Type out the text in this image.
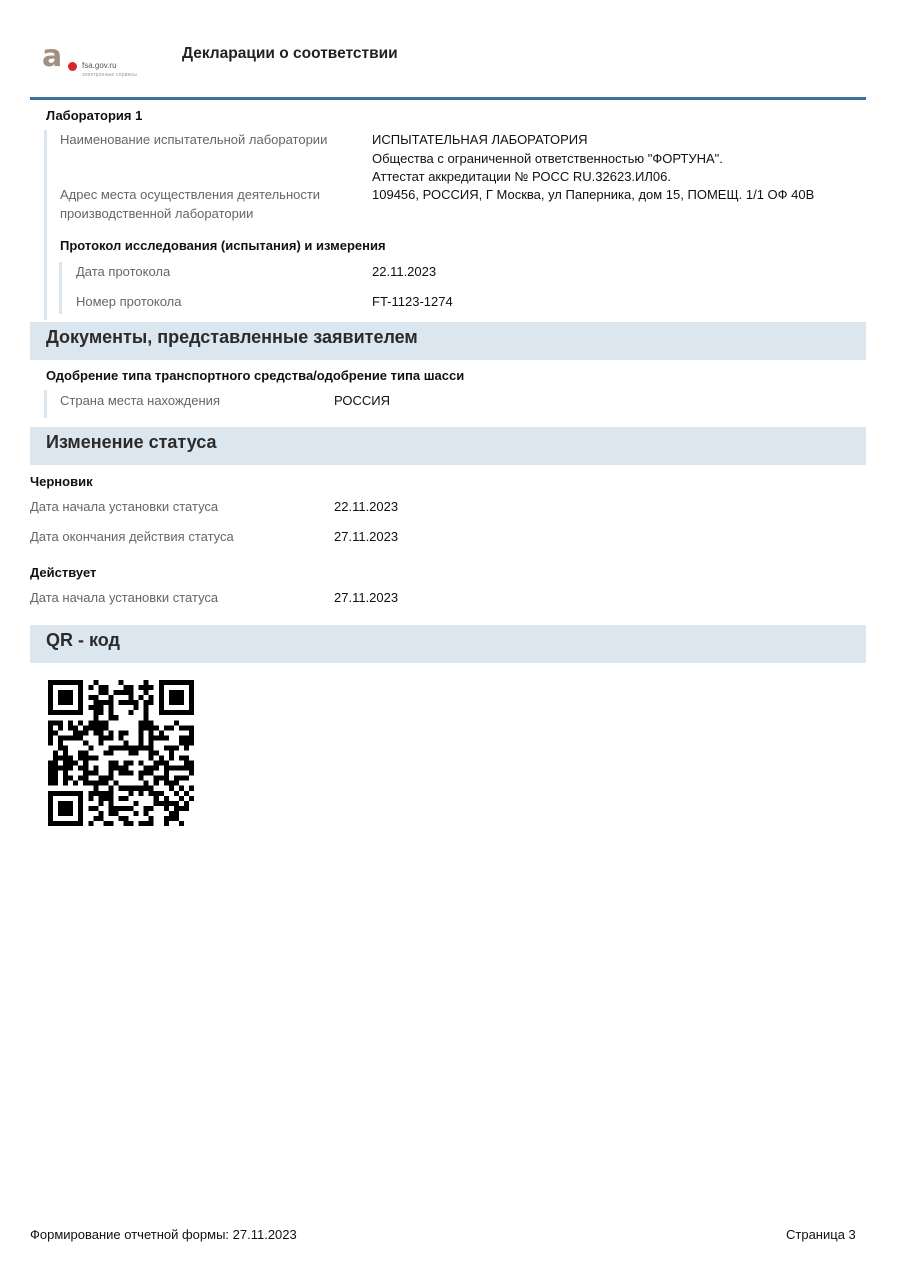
а fsa.gov.ru
электронные сервисы
Декларации о соответствии
Лаборатория 1
Наименование испытательной лаборатории	ИСПЫТАТЕЛЬНАЯ ЛАБОРАТОРИЯ
Общества с ограниченной ответственностью "ФОРТУНА".
Аттестат аккредитации № РОСС RU.32623.ИЛ06.
Адрес места осуществления деятельности
производственной лаборатории
109456, РОССИЯ, Г Москва, ул Паперника, дом 15, ПОМЕЩ. 1/1 ОФ 40В
Протокол исследования (испытания) и измерения
Дата протокола	22.11.2023
Номер протокола	FT-1123-1274
Документы, представленные заявителем
Одобрение типа транспортного средства/одобрение типа шасси
Страна места нахождения	РОССИЯ
Изменение статуса
Черновик
Дата начала установки статуса	22.11.2023
Дата окончания действия статуса	27.11.2023
Действует
Дата начала установки статуса	27.11.2023
QR - код
Формирование отчетной формы: 27.11.2023	Страница 3
